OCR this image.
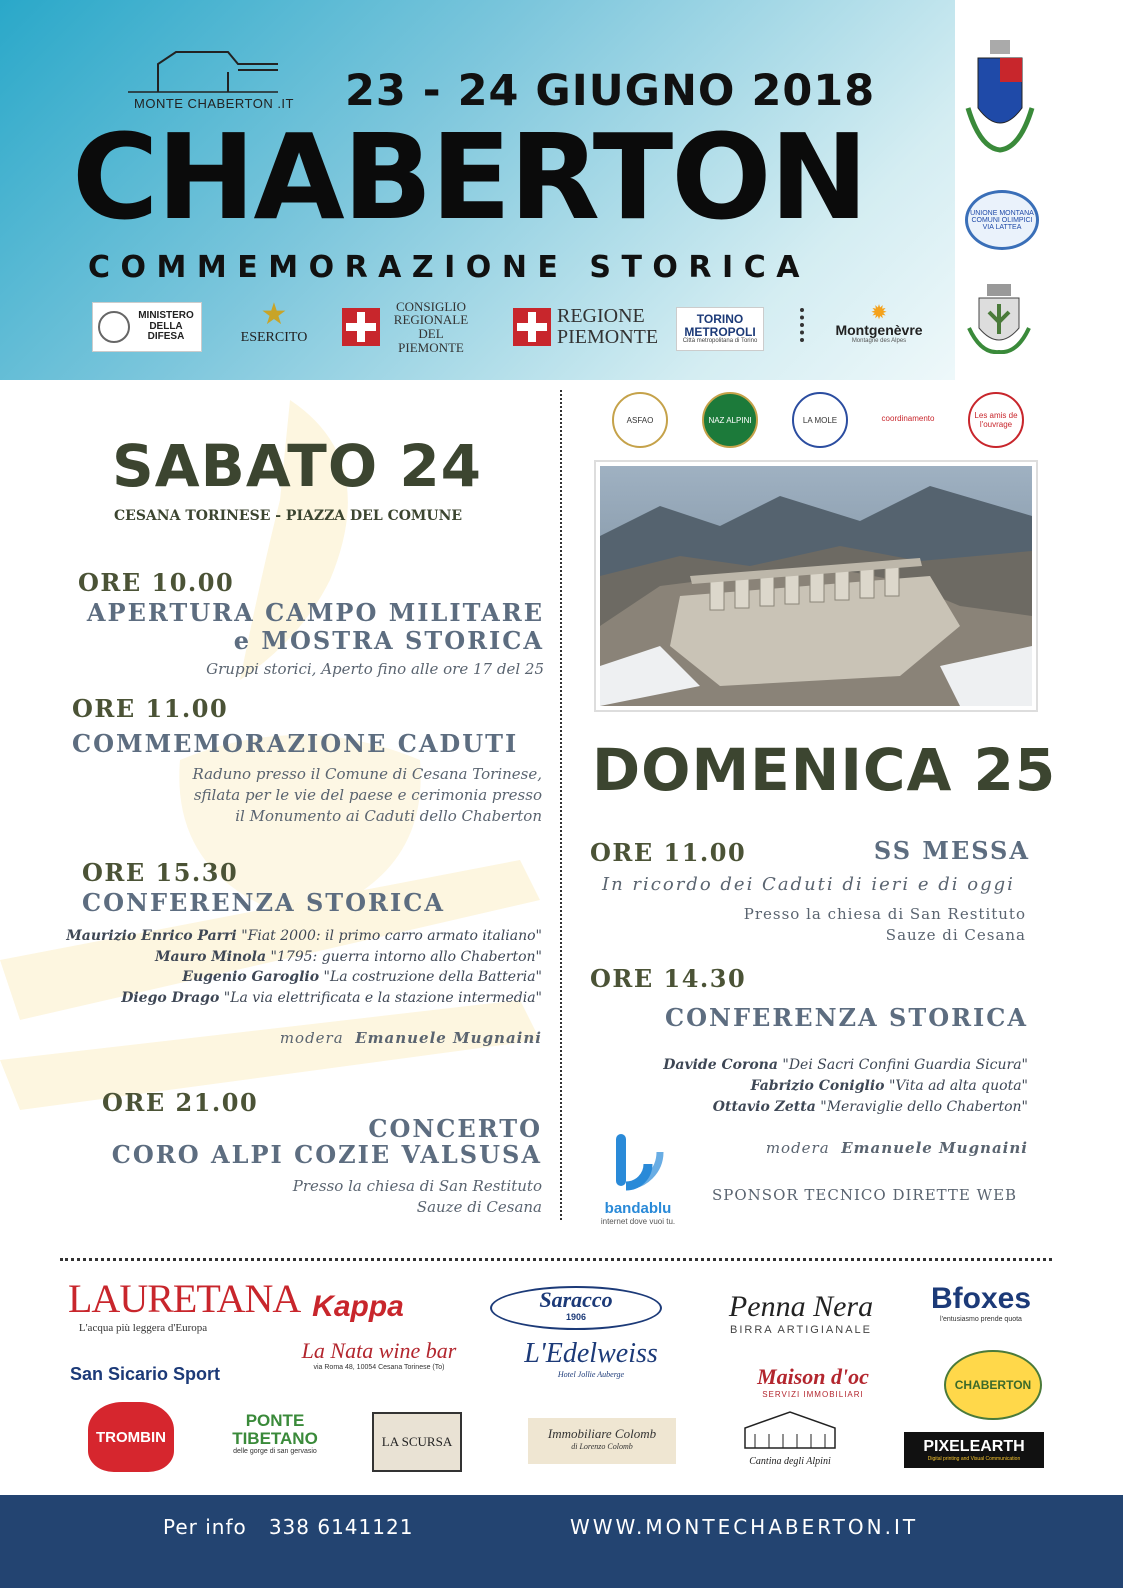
MONTE CHABERTON .IT 23 - 24 GIUGNO 2018
CHABERTON
COMMEMORAZIONE STORICA
MINISTERO DELLA DIFESA
★
ESERCITO
CONSIGLIO REGIONALE DEL PIEMONTE
REGIONE PIEMONTE
TORINO METROPOLI
Città metropolitana di Torino
✹
Montgenèvre
Montagne des Alpes
UNIONE MONTANA COMUNI OLIMPICI VIA LATTEA
SABATO 24
CESANA TORINESE - PIAZZA DEL COMUNE
ORE 10.00
APERTURA CAMPO MILITARE
e MOSTRA STORICA
Gruppi storici, Aperto fino alle ore 17 del 25
ORE 11.00
COMMEMORAZIONE CADUTI
Raduno presso il Comune di Cesana Torinese,
sfilata per le vie del paese e cerimonia presso
il Monumento ai Caduti dello Chaberton
ORE 15.30
CONFERENZA STORICA
Maurizio Enrico Parri "Fiat 2000: il primo carro armato italiano"
Mauro Minola "1795: guerra intorno allo Chaberton"
Eugenio Garoglio "La costruzione della Batteria"
Diego Drago "La via elettrificata e la stazione intermedia"
modera Emanuele Mugnaini
ORE 21.00
CONCERTO
CORO ALPI COZIE VALSUSA
Presso la chiesa di San Restituto
Sauze di Cesana
ASFAO	NAZ ALPINI	LA MOLE	coordinamento	Les amis de l'ouvrage
DOMENICA 25
ORE 11.00	SS MESSA
In ricordo dei Caduti di ieri e di oggi
Presso la chiesa di San Restituto
Sauze di Cesana
ORE 14.30
CONFERENZA STORICA
Davide Corona "Dei Sacri Confini Guardia Sicura"
Fabrizio Coniglio "Vita ad alta quota"
Ottavio Zetta "Meraviglie dello Chaberton"
modera Emanuele Mugnaini
bandablu
internet dove vuoi tu.
SPONSOR TECNICO DIRETTE WEB
LAURETANA
L'acqua più leggera d'Europa
San Sicario Sport
Kappa
La Nata wine bar
via Roma 48, 10054 Cesana Torinese (To)
Saracco
1906
L'Edelweiss
Hotel Jollie Auberge
Penna Nera
BIRRA ARTIGIANALE
Maison d'oc
SERVIZI IMMOBILIARI
Bfoxes
l'entusiasmo prende quota
CHABERTON
TROMBIN
PONTE
TIBETANO
delle gorge di san gervasio
LA SCURSA
Immobiliare Colomb
di Lorenzo Colomb
Cantina degli Alpini
PIXELEARTH
Digital printing and Visual Communication
Per info 338 6141121	WWW.MONTECHABERTON.IT
